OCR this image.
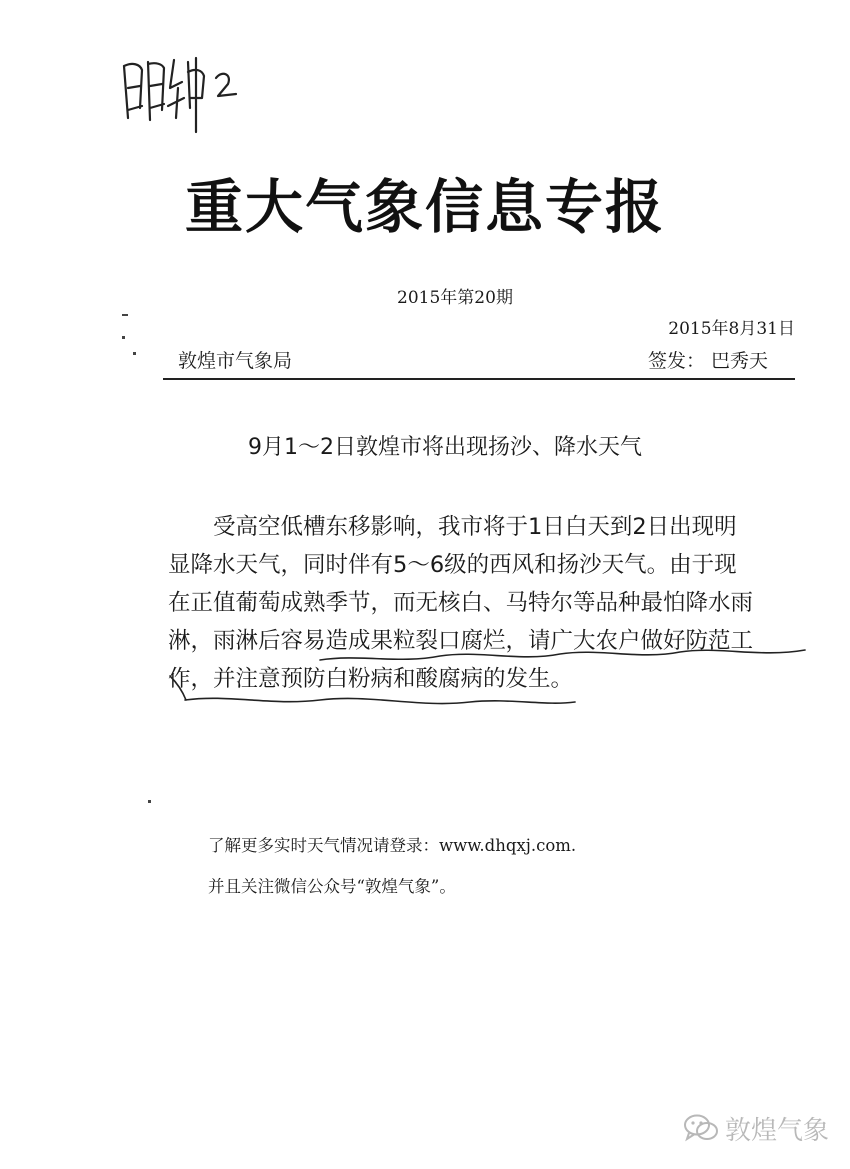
重大气象信息专报
2015年第20期
2015年8月31日
敦煌市气象局	签发： 巴秀天
9月1～2日敦煌市将出现扬沙、降水天气
　　受高空低槽东移影响，我市将于1日白天到2日出现明
显降水天气，同时伴有5～6级的西风和扬沙天气。由于现
在正值葡萄成熟季节，而无核白、马特尔等品种最怕降水雨
淋，雨淋后容易造成果粒裂口腐烂，请广大农户做好防范工
作，并注意预防白粉病和酸腐病的发生。
了解更多实时天气情况请登录：www.dhqxj.com.
并且关注微信公众号“敦煌气象”。
敦煌气象
